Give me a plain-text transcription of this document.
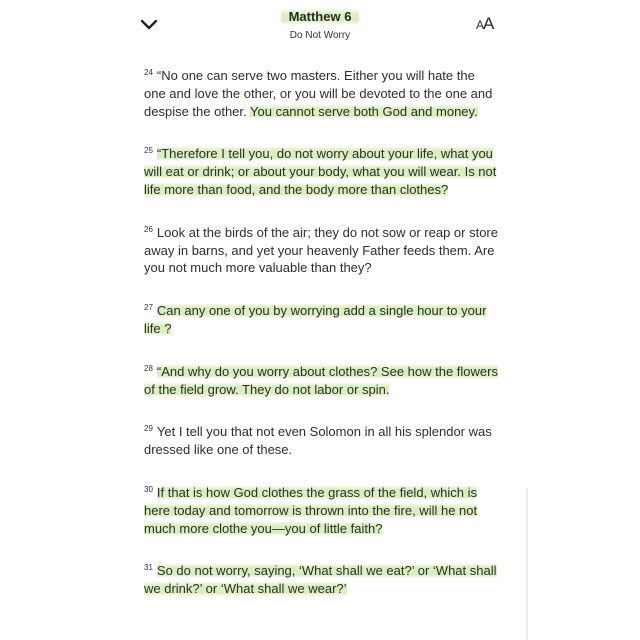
Matthew 6
Do Not Worry
AA

$^{24}$ “No one can serve two masters. Either you will hate the one and love the other, or you will be devoted to the one and despise the other. You cannot serve both God and money.

$^{25}$ “Therefore I tell you, do not worry about your life, what you will eat or drink; or about your body, what you will wear. Is not life more than food, and the body more than clothes?

$^{26}$ Look at the birds of the air; they do not sow or reap or store away in barns, and yet your heavenly Father feeds them. Are you not much more valuable than they?

$^{27}$ Can any one of you by worrying add a single hour to your life ?

$^{28}$ “And why do you worry about clothes? See how the flowers of the field grow. They do not labor or spin.

$^{29}$ Yet I tell you that not even Solomon in all his splendor was dressed like one of these.

$^{30}$ If that is how God clothes the grass of the field, which is here today and tomorrow is thrown into the fire, will he not much more clothe you—you of little faith?

$^{31}$ So do not worry, saying, ‘What shall we eat?’ or ‘What shall we drink?’ or ‘What shall we wear?’
